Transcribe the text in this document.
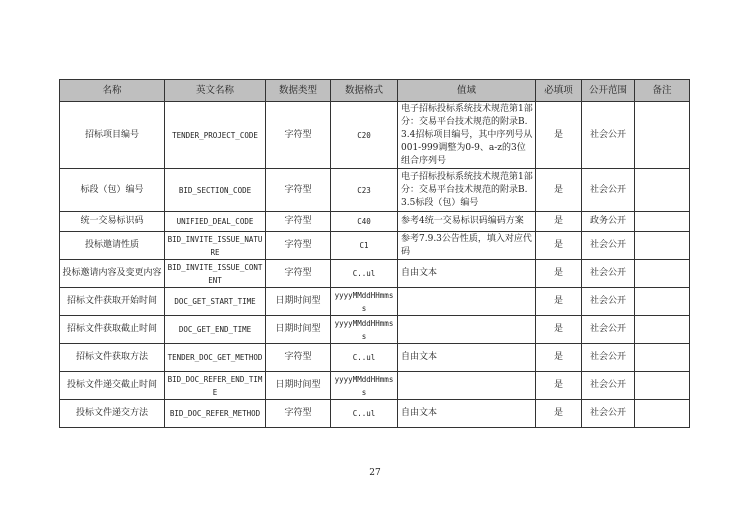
名称	英文名称	数据类型	数据格式	值域	必填项	公开范围	备注
招标项目编号	TENDER_PROJECT_CODE	字符型	C20	电子招标投标系统技术规范第1部分：交易平台技术规范的附录B.3.4招标项目编号，其中序列号从001-999调整为0-9、a-z的3位组合序列号	是	社会公开	
标段（包）编号	BID_SECTION_CODE	字符型	C23	电子招标投标系统技术规范第1部分：交易平台技术规范的附录B.3.5标段（包）编号	是	社会公开	
统一交易标识码	UNIFIED_DEAL_CODE	字符型	C40	参考4统一交易标识码编码方案	是	政务公开	
投标邀请性质	BID_INVITE_ISSUE_NATURE	字符型	C1	参考7.9.3公告性质，填入对应代码	是	社会公开	
投标邀请内容及变更内容	BID_INVITE_ISSUE_CONTENT	字符型	C..ul	自由文本	是	社会公开	
招标文件获取开始时间	DOC_GET_START_TIME	日期时间型	yyyyMMddHHmmss		是	社会公开	
招标文件获取截止时间	DOC_GET_END_TIME	日期时间型	yyyyMMddHHmmss		是	社会公开	
招标文件获取方法	TENDER_DOC_GET_METHOD	字符型	C..ul	自由文本	是	社会公开	
投标文件递交截止时间	BID_DOC_REFER_END_TIME	日期时间型	yyyyMMddHHmmss		是	社会公开	
投标文件递交方法	BID_DOC_REFER_METHOD	字符型	C..ul	自由文本	是	社会公开	
27
